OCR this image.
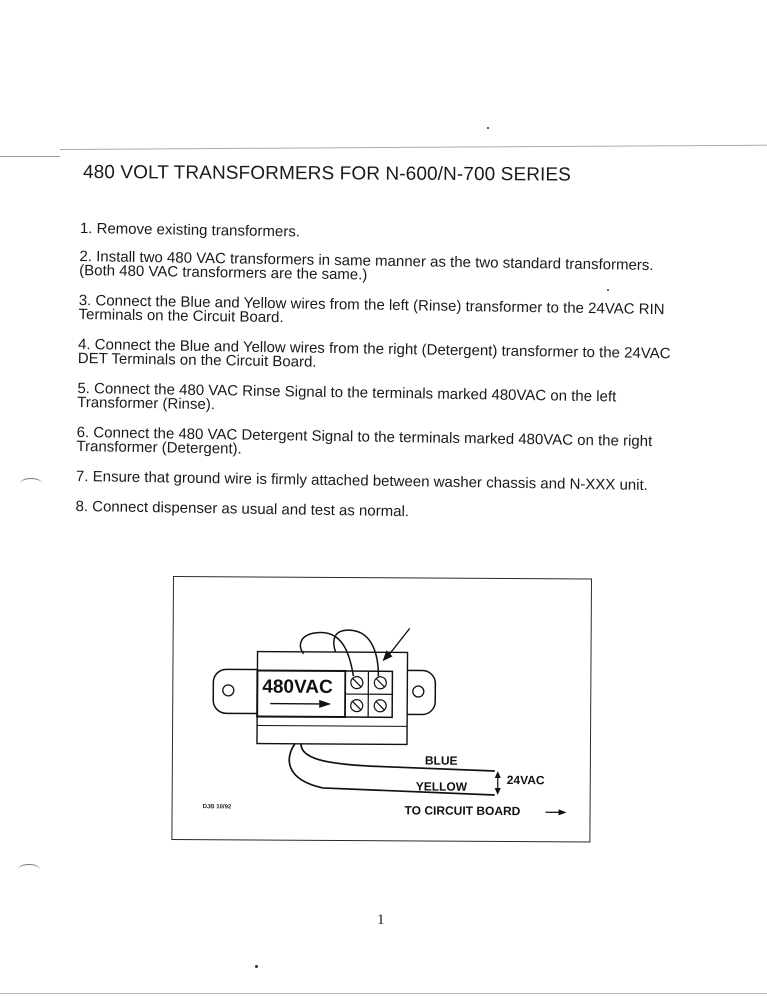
480 VOLT TRANSFORMERS FOR N-600/N-700 SERIES

1. Remove existing transformers.

2. Install two 480 VAC transformers in same manner as the two standard transformers. (Both 480 VAC transformers are the same.)

3. Connect the Blue and Yellow wires from the left (Rinse) transformer to the 24VAC RIN Terminals on the Circuit Board.

4. Connect the Blue and Yellow wires from the right (Detergent) transformer to the 24VAC DET Terminals on the Circuit Board.

5. Connect the 480 VAC Rinse Signal to the terminals marked 480VAC on the left Transformer (Rinse).

6. Connect the 480 VAC Detergent Signal to the terminals marked 480VAC on the right Transformer (Detergent).

7. Ensure that ground wire is firmly attached between washer chassis and N-XXX unit.

8. Connect dispenser as usual and test as normal.

480VAC
BLUE
YELLOW	24VAC
TO CIRCUIT BOARD
DJB 10/92
1
